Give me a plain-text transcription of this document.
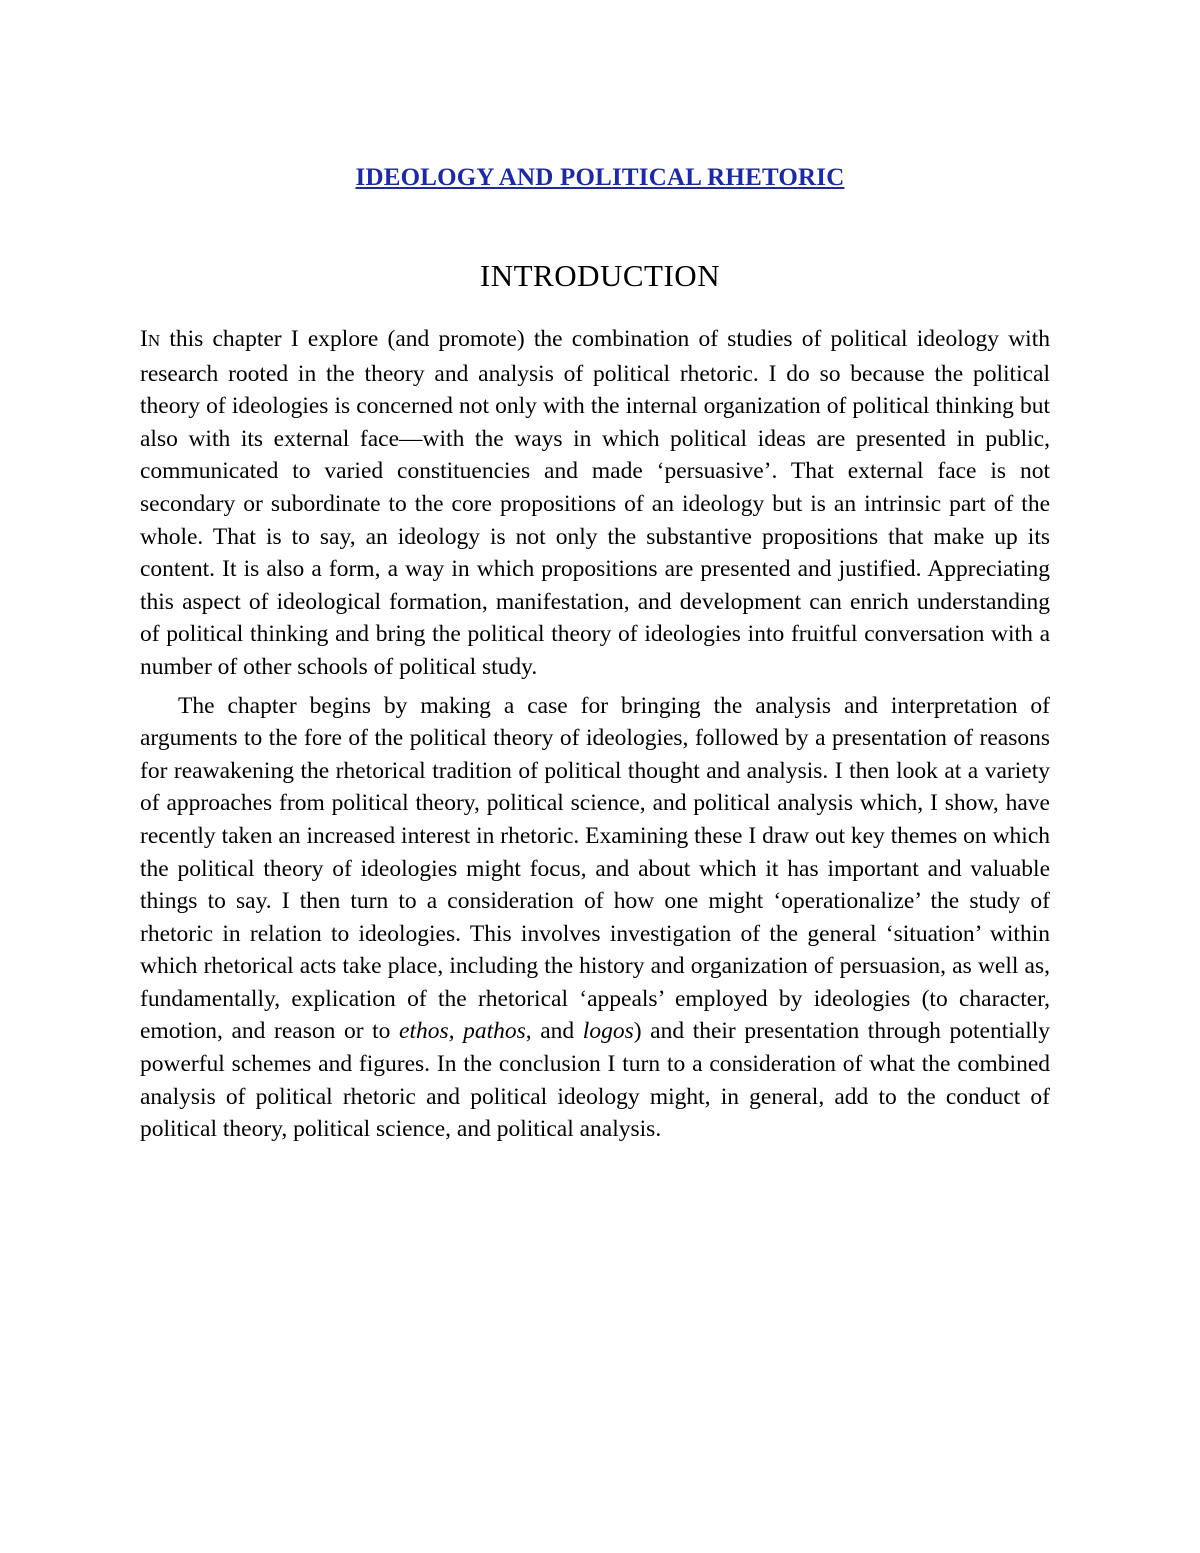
IDEOLOGY AND POLITICAL RHETORIC
INTRODUCTION

IN this chapter I explore (and promote) the combination of studies of political ideology with research rooted in the theory and analysis of political rhetoric. I do so because the political theory of ideologies is concerned not only with the internal organization of political thinking but also with its external face—with the ways in which political ideas are presented in public, communicated to varied constituencies and made ‘persuasive’. That external face is not secondary or subordinate to the core propositions of an ideology but is an intrinsic part of the whole. That is to say, an ideology is not only the substantive propositions that make up its content. It is also a form, a way in which propositions are presented and justified. Appreciating this aspect of ideological formation, manifestation, and development can enrich understanding of political thinking and bring the political theory of ideologies into fruitful conversation with a number of other schools of political study.

The chapter begins by making a case for bringing the analysis and interpretation of arguments to the fore of the political theory of ideologies, followed by a presentation of reasons for reawakening the rhetorical tradition of political thought and analysis. I then look at a variety of approaches from political theory, political science, and political analysis which, I show, have recently taken an increased interest in rhetoric. Examining these I draw out key themes on which the political theory of ideologies might focus, and about which it has important and valuable things to say. I then turn to a consideration of how one might ‘operationalize’ the study of rhetoric in relation to ideologies. This involves investigation of the general ‘situation’ within which rhetorical acts take place, including the history and organization of persuasion, as well as, fundamentally, explication of the rhetorical ‘appeals’ employed by ideologies (to character, emotion, and reason or to ethos, pathos, and logos) and their presentation through potentially powerful schemes and figures. In the conclusion I turn to a consideration of what the combined analysis of political rhetoric and political ideology might, in general, add to the conduct of political theory, political science, and political analysis.
